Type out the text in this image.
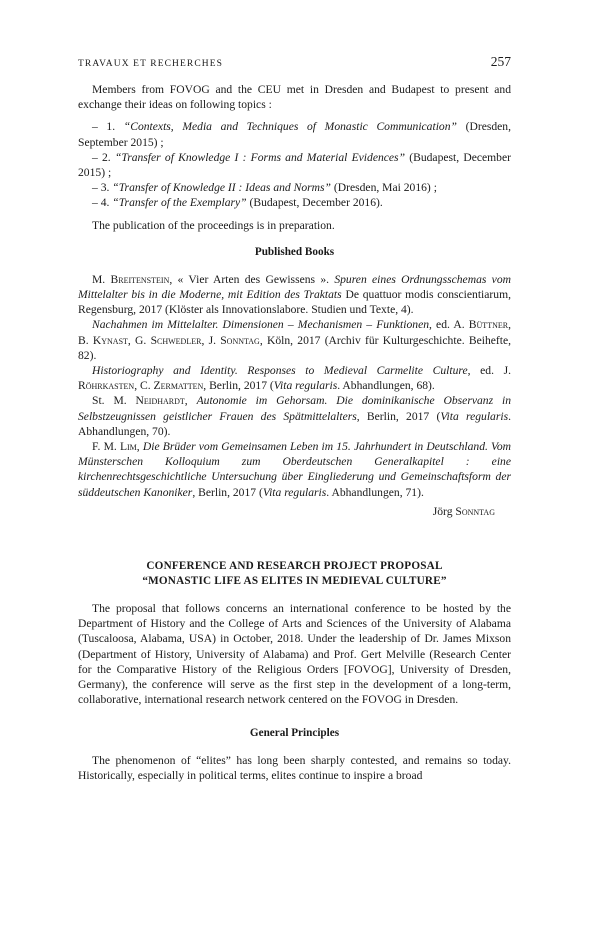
TRAVAUX ET RECHERCHES	257

Members from FOVOG and the CEU met in Dresden and Budapest to present and exchange their ideas on following topics :

– 1. “Contexts, Media and Techniques of Monastic Communication” (Dresden, September 2015) ;

– 2. “Transfer of Knowledge I : Forms and Material Evidences” (Budapest, December 2015) ;

– 3. “Transfer of Knowledge II : Ideas and Norms” (Dresden, Mai 2016) ;

– 4. “Transfer of the Exemplary” (Budapest, December 2016).

The publication of the proceedings is in preparation.

Published Books

M. Breitenstein, « Vier Arten des Gewissens ». Spuren eines Ordnungsschemas vom Mittelalter bis in die Moderne, mit Edition des Traktats De quattuor modis conscientiarum, Regensburg, 2017 (Klöster als Innovationslabore. Studien und Texte, 4).

Nachahmen im Mittelalter. Dimensionen – Mechanismen – Funktionen, ed. A. Büttner, B. Kynast, G. Schwedler, J. Sonntag, Köln, 2017 (Archiv für Kulturgeschichte. Beihefte, 82).

Historiography and Identity. Responses to Medieval Carmelite Culture, ed. J. Röhrkasten, C. Zermatten, Berlin, 2017 (Vita regularis. Abhandlungen, 68).

St. M. Neidhardt, Autonomie im Gehorsam. Die dominikanische Observanz in Selbstzeugnissen geistlicher Frauen des Spätmittelalters, Berlin, 2017 (Vita regularis. Abhandlungen, 70).

F. M. Lim, Die Brüder vom Gemeinsamen Leben im 15. Jahrhundert in Deutschland. Vom Münsterschen Kolloquium zum Oberdeutschen Generalkapitel : eine kirchenrechtsgeschichtliche Untersuchung über Eingliederung und Gemeinschaftsform der süddeutschen Kanoniker, Berlin, 2017 (Vita regularis. Abhandlungen, 71).

Jörg Sonntag

CONFERENCE AND RESEARCH PROJECT PROPOSAL
“MONASTIC LIFE AS ELITES IN MEDIEVAL CULTURE”

The proposal that follows concerns an international conference to be hosted by the Department of History and the College of Arts and Sciences of the University of Alabama (Tuscaloosa, Alabama, USA) in October, 2018. Under the leadership of Dr. James Mixson (Department of History, University of Alabama) and Prof. Gert Melville (Research Center for the Comparative History of the Religious Orders [FOVOG], University of Dresden, Germany), the conference will serve as the first step in the development of a long-term, collaborative, international research network centered on the FOVOG in Dresden.

General Principles

The phenomenon of “elites” has long been sharply contested, and remains so today. Historically, especially in political terms, elites continue to inspire a broad
